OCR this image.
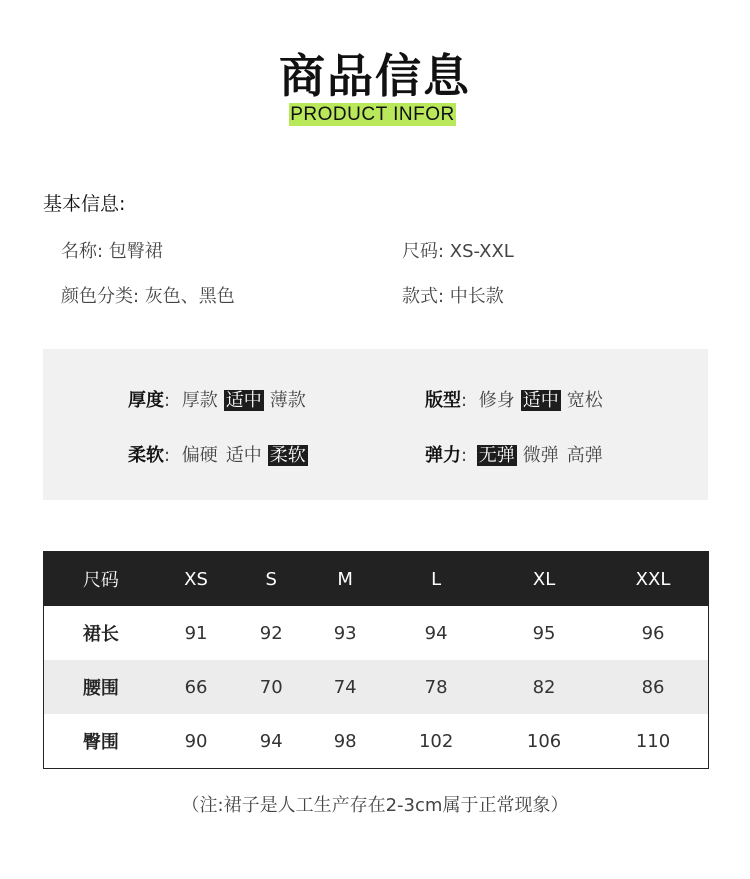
商品信息
PRODUCT INFOR
基本信息:
名称: 包臀裙	尺码: XS-XXL
颜色分类: 灰色、黑色	款式: 中长款
厚度: 厚款 适中 薄款	版型: 修身 适中 宽松
柔软: 偏硬 适中 柔软	弹力: 无弹 微弹 高弹
尺码	XS	S	M	L	XL	XXL
裙长	91	92	93	94	95	96
腰围	66	70	74	78	82	86
臀围	90	94	98	102	106	110
（注:裙子是人工生产存在2-3cm属于正常现象）
